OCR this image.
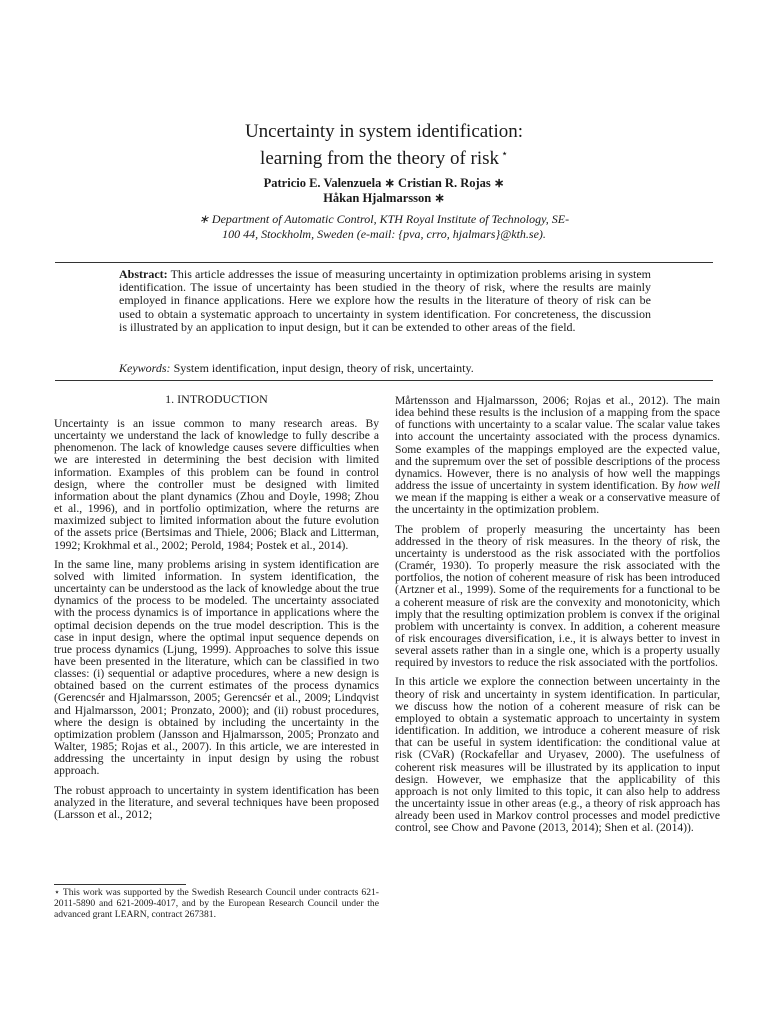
Uncertainty in system identification:
learning from the theory of risk ⋆
Patricio E. Valenzuela ∗ Cristian R. Rojas ∗
Håkan Hjalmarsson ∗
∗ Department of Automatic Control, KTH Royal Institute of Technology, SE-100 44, Stockholm, Sweden (e-mail: {pva, crro, hjalmars}@kth.se).
Abstract: This article addresses the issue of measuring uncertainty in optimization problems arising in system identification. The issue of uncertainty has been studied in the theory of risk, where the results are mainly employed in finance applications. Here we explore how the results in the literature of theory of risk can be used to obtain a systematic approach to uncertainty in system identification. For concreteness, the discussion is illustrated by an application to input design, but it can be extended to other areas of the field.
Keywords: System identification, input design, theory of risk, uncertainty.
1. INTRODUCTION

Uncertainty is an issue common to many research areas. By uncertainty we understand the lack of knowledge to fully describe a phenomenon. The lack of knowledge causes severe difficulties when we are interested in determining the best decision with limited information. Examples of this problem can be found in control design, where the controller must be designed with limited information about the plant dynamics (Zhou and Doyle, 1998; Zhou et al., 1996), and in portfolio optimization, where the returns are maximized subject to limited information about the future evolution of the assets price (Bertsimas and Thiele, 2006; Black and Litterman, 1992; Krokhmal et al., 2002; Perold, 1984; Postek et al., 2014).

In the same line, many problems arising in system identification are solved with limited information. In system identification, the uncertainty can be understood as the lack of knowledge about the true dynamics of the process to be modeled. The uncertainty associated with the process dynamics is of importance in applications where the optimal decision depends on the true model description. This is the case in input design, where the optimal input sequence depends on true process dynamics (Ljung, 1999). Approaches to solve this issue have been presented in the literature, which can be classified in two classes: (i) sequential or adaptive procedures, where a new design is obtained based on the current estimates of the process dynamics (Gerencsér and Hjalmarsson, 2005; Gerencsér et al., 2009; Lindqvist and Hjalmarsson, 2001; Pronzato, 2000); and (ii) robust procedures, where the design is obtained by including the uncertainty in the optimization problem (Jansson and Hjalmarsson, 2005; Pronzato and Walter, 1985; Rojas et al., 2007). In this article, we are interested in addressing the uncertainty in input design by using the robust approach.

The robust approach to uncertainty in system identification has been analyzed in the literature, and several techniques have been proposed (Larsson et al., 2012;

⋆ This work was supported by the Swedish Research Council under contracts 621-2011-5890 and 621-2009-4017, and by the European Research Council under the advanced grant LEARN, contract 267381.

Mårtensson and Hjalmarsson, 2006; Rojas et al., 2012). The main idea behind these results is the inclusion of a mapping from the space of functions with uncertainty to a scalar value. The scalar value takes into account the uncertainty associated with the process dynamics. Some examples of the mappings employed are the expected value, and the supremum over the set of possible descriptions of the process dynamics. However, there is no analysis of how well the mappings address the issue of uncertainty in system identification. By how well we mean if the mapping is either a weak or a conservative measure of the uncertainty in the optimization problem.

The problem of properly measuring the uncertainty has been addressed in the theory of risk measures. In the theory of risk, the uncertainty is understood as the risk associated with the portfolios (Cramér, 1930). To properly measure the risk associated with the portfolios, the notion of coherent measure of risk has been introduced (Artzner et al., 1999). Some of the requirements for a functional to be a coherent measure of risk are the convexity and monotonicity, which imply that the resulting optimization problem is convex if the original problem with uncertainty is convex. In addition, a coherent measure of risk encourages diversification, i.e., it is always better to invest in several assets rather than in a single one, which is a property usually required by investors to reduce the risk associated with the portfolios.

In this article we explore the connection between uncertainty in the theory of risk and uncertainty in system identification. In particular, we discuss how the notion of a coherent measure of risk can be employed to obtain a systematic approach to uncertainty in system identification. In addition, we introduce a coherent measure of risk that can be useful in system identification: the conditional value at risk (CVaR) (Rockafellar and Uryasev, 2000). The usefulness of coherent risk measures will be illustrated by its application to input design. However, we emphasize that the applicability of this approach is not only limited to this topic, it can also help to address the uncertainty issue in other areas (e.g., a theory of risk approach has already been used in Markov control processes and model predictive control, see Chow and Pavone (2013, 2014); Shen et al. (2014)).
